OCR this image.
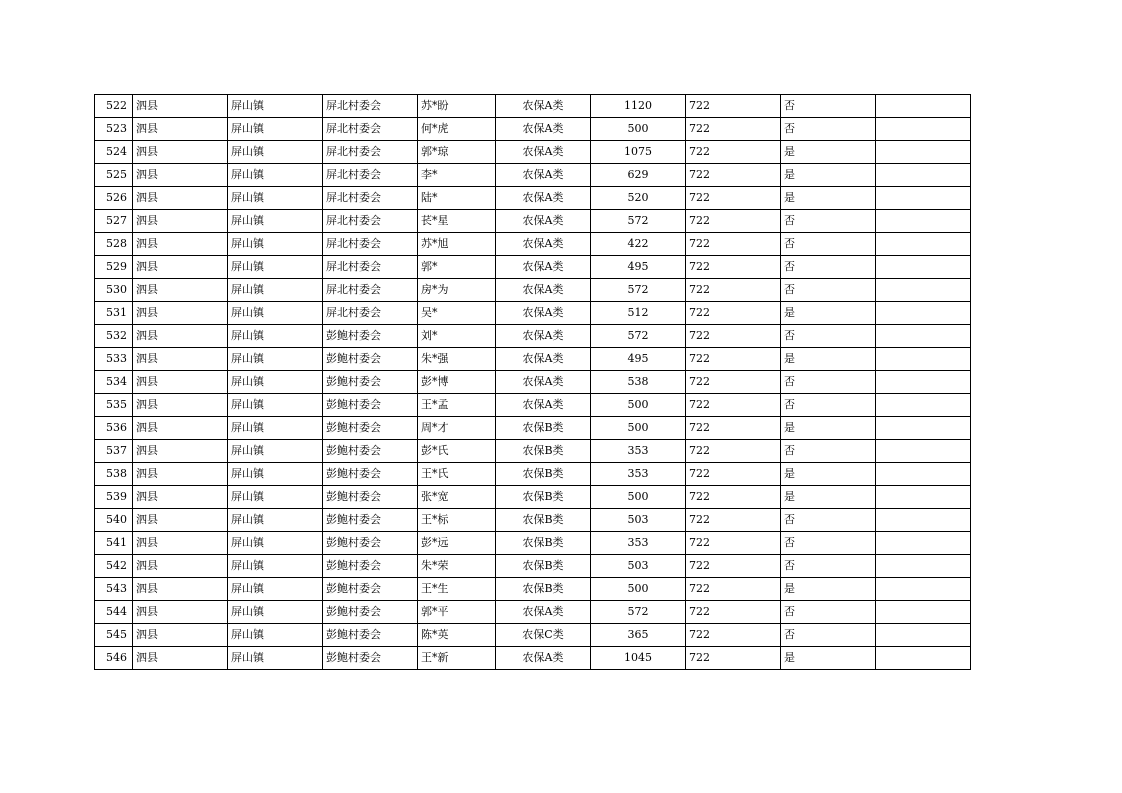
522	泗县	屏山镇	屏北村委会	苏*盼	农保A类	1120	722	否	
523	泗县	屏山镇	屏北村委会	何*虎	农保A类	500	722	否	
524	泗县	屏山镇	屏北村委会	郭*琼	农保A类	1075	722	是	
525	泗县	屏山镇	屏北村委会	李*	农保A类	629	722	是	
526	泗县	屏山镇	屏北村委会	陆*	农保A类	520	722	是	
527	泗县	屏山镇	屏北村委会	苌*星	农保A类	572	722	否	
528	泗县	屏山镇	屏北村委会	苏*旭	农保A类	422	722	否	
529	泗县	屏山镇	屏北村委会	郭*	农保A类	495	722	否	
530	泗县	屏山镇	屏北村委会	房*为	农保A类	572	722	否	
531	泗县	屏山镇	屏北村委会	吴*	农保A类	512	722	是	
532	泗县	屏山镇	彭鲍村委会	刘*	农保A类	572	722	否	
533	泗县	屏山镇	彭鲍村委会	朱*强	农保A类	495	722	是	
534	泗县	屏山镇	彭鲍村委会	彭*博	农保A类	538	722	否	
535	泗县	屏山镇	彭鲍村委会	王*孟	农保A类	500	722	否	
536	泗县	屏山镇	彭鲍村委会	周*才	农保B类	500	722	是	
537	泗县	屏山镇	彭鲍村委会	彭*氏	农保B类	353	722	否	
538	泗县	屏山镇	彭鲍村委会	王*氏	农保B类	353	722	是	
539	泗县	屏山镇	彭鲍村委会	张*宽	农保B类	500	722	是	
540	泗县	屏山镇	彭鲍村委会	王*标	农保B类	503	722	否	
541	泗县	屏山镇	彭鲍村委会	彭*远	农保B类	353	722	否	
542	泗县	屏山镇	彭鲍村委会	朱*荣	农保B类	503	722	否	
543	泗县	屏山镇	彭鲍村委会	王*生	农保B类	500	722	是	
544	泗县	屏山镇	彭鲍村委会	郭*平	农保A类	572	722	否	
545	泗县	屏山镇	彭鲍村委会	陈*英	农保C类	365	722	否	
546	泗县	屏山镇	彭鲍村委会	王*新	农保A类	1045	722	是	
